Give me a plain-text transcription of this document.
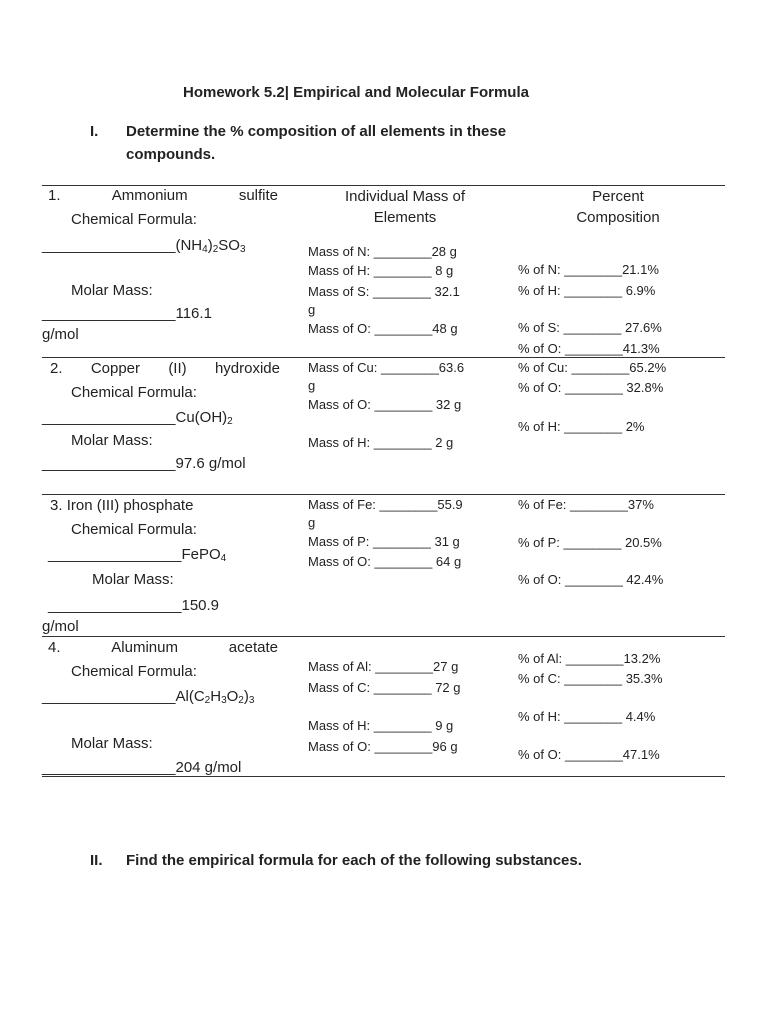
Homework 5.2| Empirical and Molecular Formula
I. Determine the % composition of all elements in these
compounds.
Individual Mass of
Elements
Percent
Composition
1.	Ammonium	sulfite
Chemical Formula:
$\_\_\_\_\_\_\_\_\_\_\_\_\_\_\_\_(NH_4)_2SO_3$
Molar Mass:
________________116.1
g/mol
Mass of N: ________28 g
Mass of H: ________ 8 g
Mass of S: ________ 32.1
g
Mass of O: ________48 g
% of N: ________21.1%
% of H: ________ 6.9%
% of S: ________ 27.6%
% of O: ________41.3%
2. Copper (II) hydroxide
Chemical Formula:
$\_\_\_\_\_\_\_\_\_\_\_\_\_\_\_\_Cu(OH)_2$
Molar Mass:
________________97.6 g/mol
Mass of Cu: ________63.6
g
Mass of O: ________ 32 g
Mass of H: ________ 2 g
% of Cu: ________65.2%
% of O: ________ 32.8%
% of H: ________ 2%
3. Iron (III) phosphate
Chemical Formula:
________________FePO$_4$
Molar Mass:
________________150.9
g/mol
Mass of Fe: ________55.9
g
Mass of P: ________ 31 g
Mass of O: ________ 64 g
% of Fe: ________37%
% of P: ________ 20.5%
% of O: ________ 42.4%
4.	Aluminum	acetate
Chemical Formula:
$\_\_\_\_\_\_\_\_\_\_\_\_\_\_\_\_Al(C_2H_3O_2)_3$
Molar Mass:
________________204 g/mol
Mass of Al: ________27 g
Mass of C: ________ 72 g
Mass of H: ________ 9 g
Mass of O: ________96 g
% of Al: ________13.2%
% of C: ________ 35.3%
% of H: ________ 4.4%
% of O: ________47.1%
II. Find the empirical formula for each of the following substances.
